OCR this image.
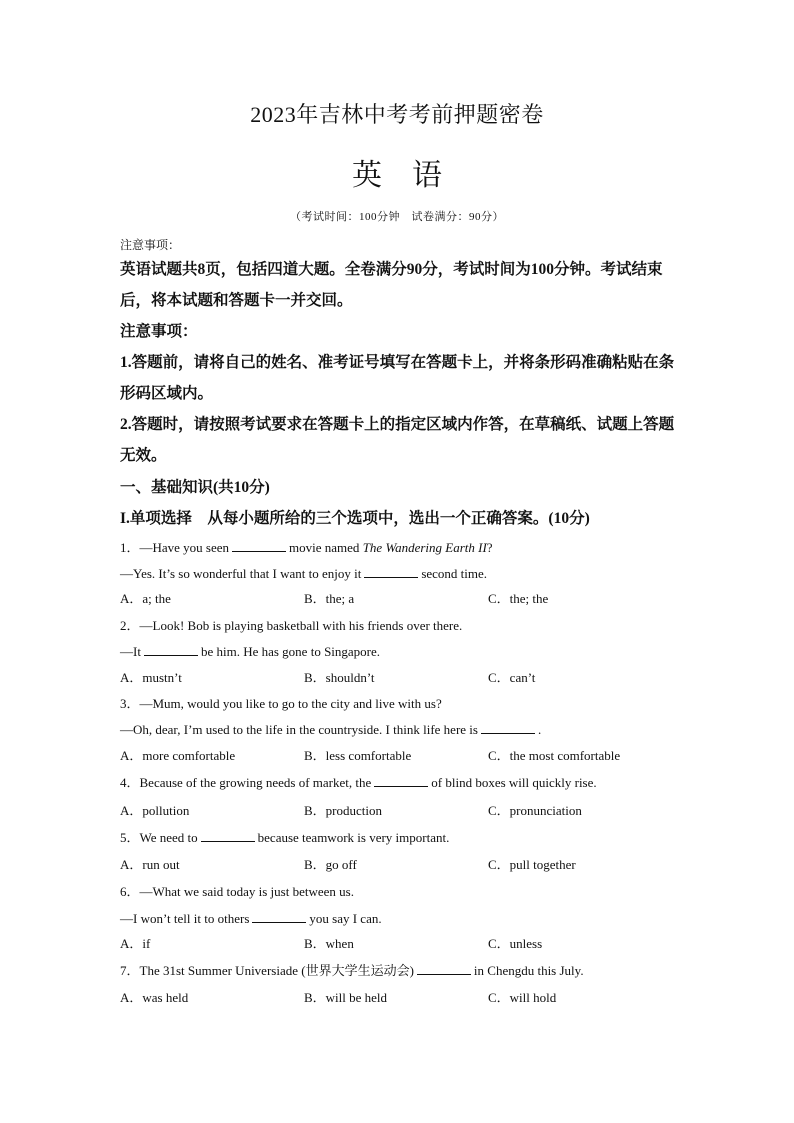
2023年吉林中考考前押题密卷
英语
（考试时间：100分钟　试卷满分：90分）
注意事项：
英语试题共8页，包括四道大题。全卷满分90分，考试时间为100分钟。考试结束后，将本试题和答题卡一并交回。
注意事项：
1.答题前，请将自己的姓名、准考证号填写在答题卡上，并将条形码准确粘贴在条形码区域内。
2.答题时，请按照考试要求在答题卡上的指定区域内作答，在草稿纸、试题上答题无效。
一、基础知识(共10分)
I.单项选择　从每小题所给的三个选项中，选出一个正确答案。(10分)
1．—Have you seen	movie named The Wandering Earth II?
—Yes. It’s so wonderful that I want to enjoy it	second time.
A．a; the	B．the; a	C．the; the
2．—Look! Bob is playing basketball with his friends over there.
—It	be him. He has gone to Singapore.
A．mustn’t	B．shouldn’t	C．can’t
3．—Mum, would you like to go to the city and live with us?
—Oh, dear, I’m used to the life in the countryside. I think life here is	.
A．more comfortable	B．less comfortable	C．the most comfortable
4．Because of the growing needs of market, the	of blind boxes will quickly rise.
A．pollution	B．production	C．pronunciation
5．We need to	because teamwork is very important.
A．run out	B．go off	C．pull together
6．—What we said today is just between us.
—I won’t tell it to others	you say I can.
A．if	B．when	C．unless
7．The 31st Summer Universiade (世界大学生运动会)	in Chengdu this July.
A．was held	B．will be held	C．will hold
